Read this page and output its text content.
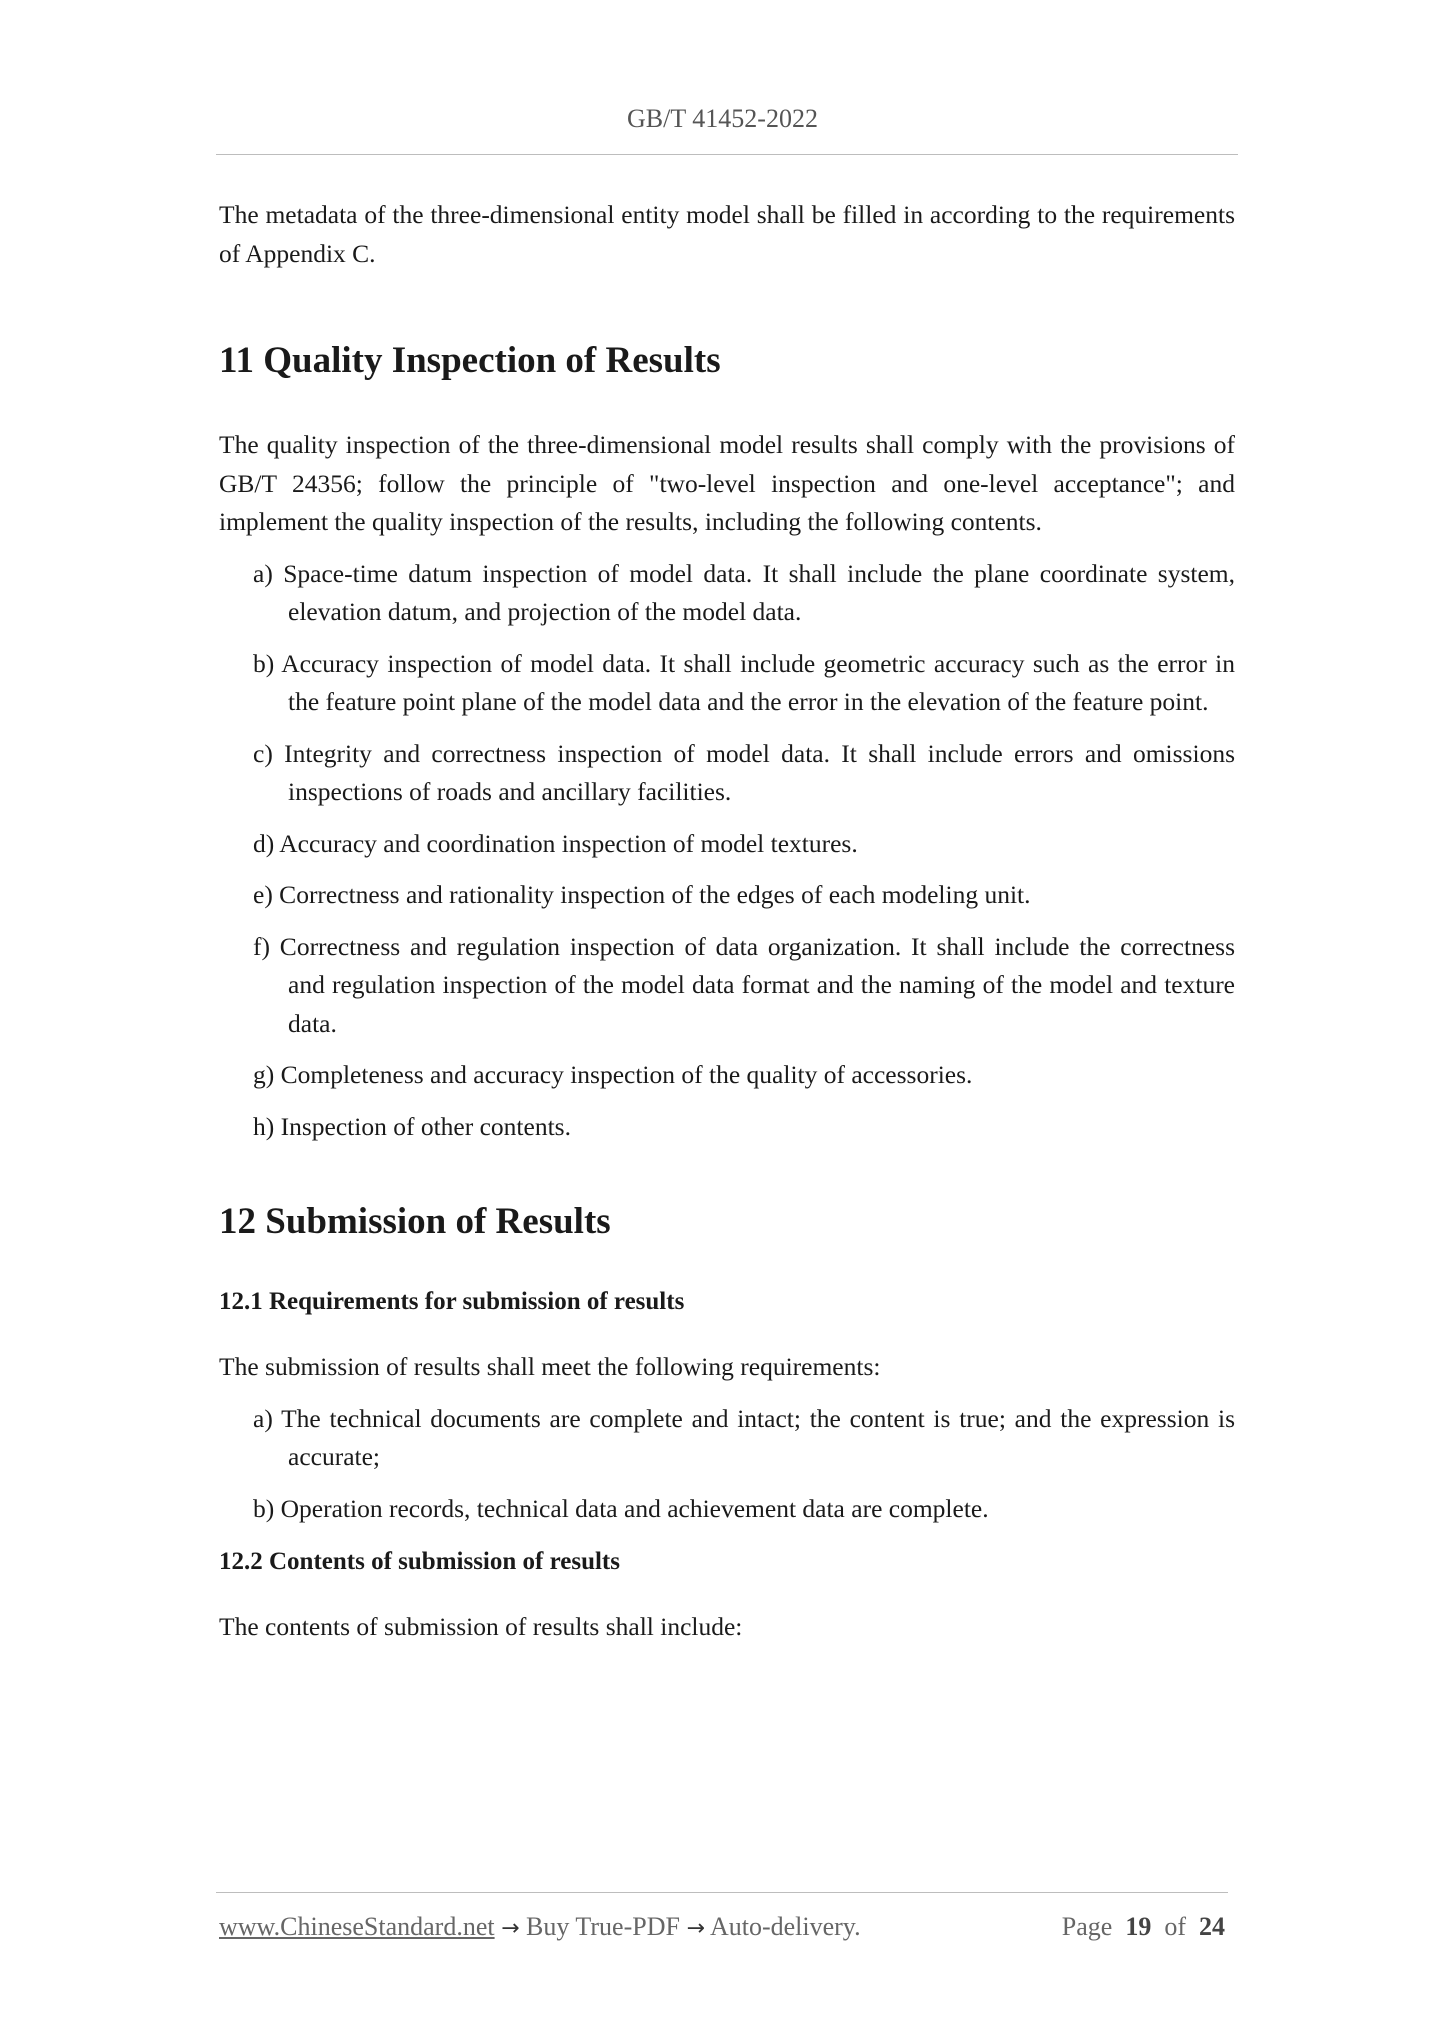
GB/T 41452-2022

The metadata of the three-dimensional entity model shall be filled in according to the requirements of Appendix C.

11 Quality Inspection of Results

The quality inspection of the three-dimensional model results shall comply with the provisions of GB/T 24356; follow the principle of "two-level inspection and one-level acceptance"; and implement the quality inspection of the results, including the following contents.

a) Space-time datum inspection of model data. It shall include the plane coordinate system, elevation datum, and projection of the model data.

b) Accuracy inspection of model data. It shall include geometric accuracy such as the error in the feature point plane of the model data and the error in the elevation of the feature point.

c) Integrity and correctness inspection of model data. It shall include errors and omissions inspections of roads and ancillary facilities.

d) Accuracy and coordination inspection of model textures.

e) Correctness and rationality inspection of the edges of each modeling unit.

f) Correctness and regulation inspection of data organization. It shall include the correctness and regulation inspection of the model data format and the naming of the model and texture data.

g) Completeness and accuracy inspection of the quality of accessories.

h) Inspection of other contents.

12 Submission of Results
12.1 Requirements for submission of results

The submission of results shall meet the following requirements:

a) The technical documents are complete and intact; the content is true; and the expression is accurate;

b) Operation records, technical data and achievement data are complete.

12.2 Contents of submission of results

The contents of submission of results shall include:

www.ChineseStandard.net → Buy True-PDF → Auto-delivery.	Page 19 of 24
